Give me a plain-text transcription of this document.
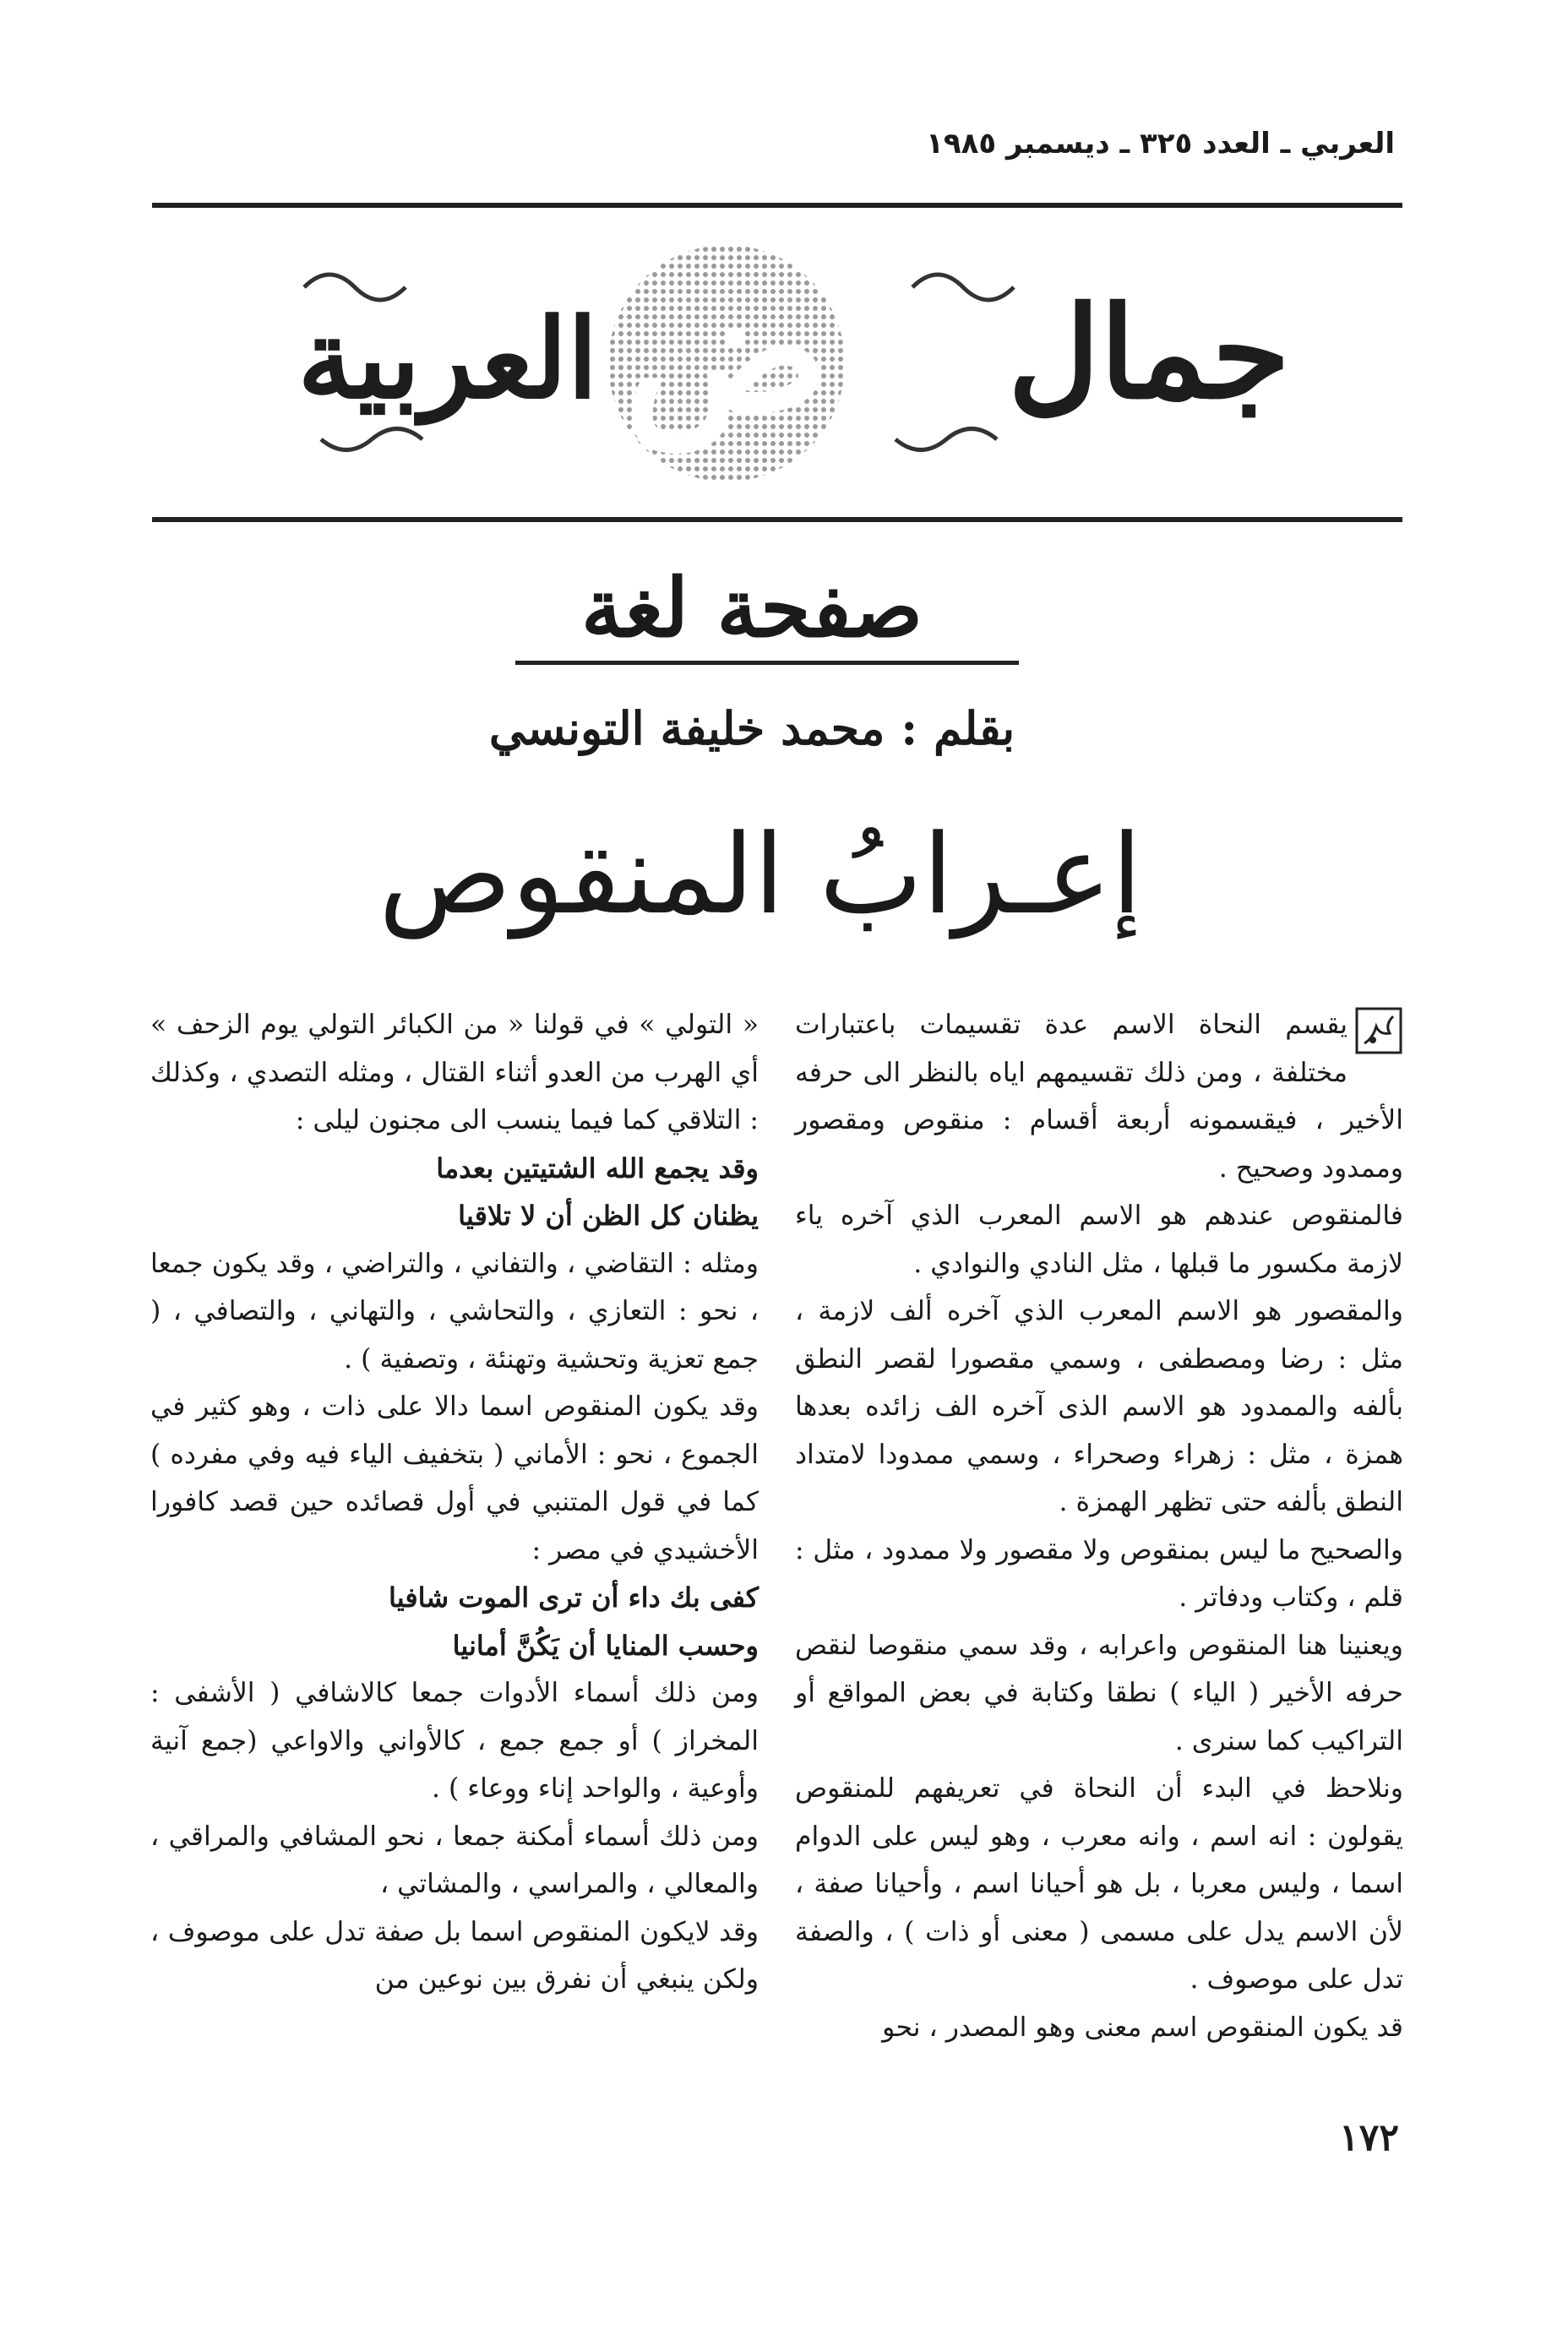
العربي ـ العدد ٣٢٥ ـ ديسمبر ١٩٨٥
جمال
ض
العربية
صفحة لغة
بقلم : محمد خليفة التونسي
إعـرابُ المنقوص

يقسم النحاة الاسم عدة تقسيمات باعتبارات مختلفة ، ومن ذلك تقسيمهم اياه بالنظر الى حرفه الأخير ، فيقسمونه أربعة أقسام : منقوص ومقصور وممدود وصحيح .

فالمنقوص عندهم هو الاسم المعرب الذي آخره ياء لازمة مكسور ما قبلها ، مثل النادي والنوادي .

والمقصور هو الاسم المعرب الذي آخره ألف لازمة ، مثل : رضا ومصطفى ، وسمي مقصورا لقصر النطق بألفه والممدود هو الاسم الذى آخره الف زائده بعدها همزة ، مثل : زهراء وصحراء ، وسمي ممدودا لامتداد النطق بألفه حتى تظهر الهمزة .

والصحيح ما ليس بمنقوص ولا مقصور ولا ممدود ، مثل : قلم ، وكتاب ودفاتر .

ويعنينا هنا المنقوص واعرابه ، وقد سمي منقوصا لنقص حرفه الأخير ( الياء ) نطقا وكتابة في بعض المواقع أو التراكيب كما سنرى .

ونلاحظ في البدء أن النحاة في تعريفهم للمنقوص يقولون : انه اسم ، وانه معرب ، وهو ليس على الدوام اسما ، وليس معربا ، بل هو أحيانا اسم ، وأحيانا صفة ، لأن الاسم يدل على مسمى ( معنى أو ذات ) ، والصفة تدل على موصوف .

قد يكون المنقوص اسم معنى وهو المصدر ، نحو

« التولي » في قولنا « من الكبائر التولي يوم الزحف » أي الهرب من العدو أثناء القتال ، ومثله التصدي ، وكذلك : التلاقي كما فيما ينسب الى مجنون ليلى :

وقد يجمع الله الشتيتين بعدما

يظنان كل الظن أن لا تلاقيا

ومثله : التقاضي ، والتفاني ، والتراضي ، وقد يكون جمعا ، نحو : التعازي ، والتحاشي ، والتهاني ، والتصافي ، ( جمع تعزية وتحشية وتهنئة ، وتصفية ) .

وقد يكون المنقوص اسما دالا على ذات ، وهو كثير في الجموع ، نحو : الأماني ( بتخفيف الياء فيه وفي مفرده ) كما في قول المتنبي في أول قصائده حين قصد كافورا الأخشيدي في مصر :

كفى بك داء أن ترى الموت شافيا

وحسب المنايا أن يَكُنَّ أمانيا

ومن ذلك أسماء الأدوات جمعا كالاشافي ( الأشفى : المخراز ) أو جمع جمع ، كالأواني والاواعي (جمع آنية وأوعية ، والواحد إناء ووعاء ) .

ومن ذلك أسماء أمكنة جمعا ، نحو المشافي والمراقي ، والمعالي ، والمراسي ، والمشاتي ،

وقد لايكون المنقوص اسما بل صفة تدل على موصوف ، ولكن ينبغي أن نفرق بين نوعين من

١٧٢
